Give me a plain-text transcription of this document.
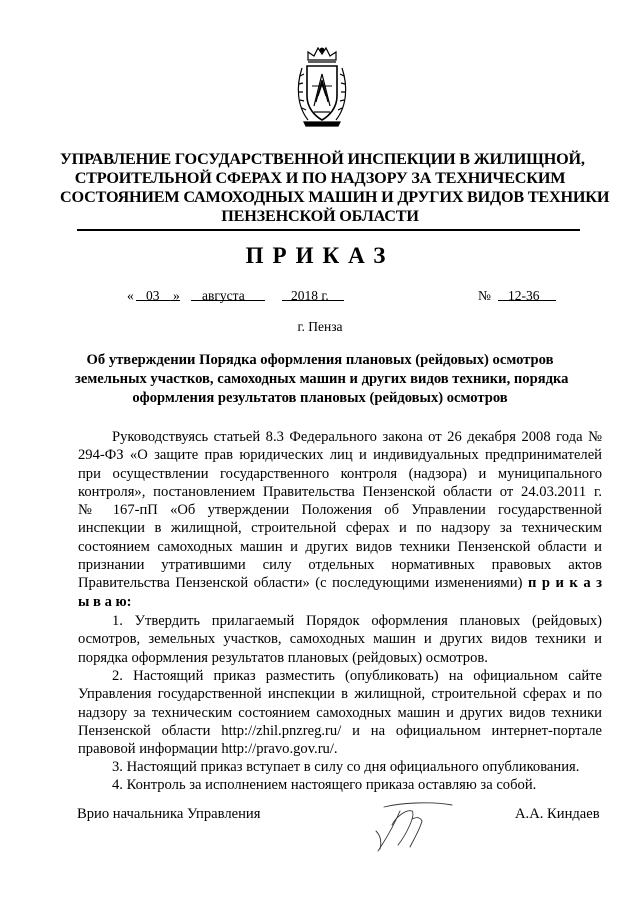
УПРАВЛЕНИЕ ГОСУДАРСТВЕННОЙ ИНСПЕКЦИИ В ЖИЛИЩНОЙ,
СТРОИТЕЛЬНОЙ СФЕРАХ И ПО НАДЗОРУ ЗА ТЕХНИЧЕСКИМ
СОСТОЯНИЕМ САМОХОДНЫХ МАШИН И ДРУГИХ ВИДОВ ТЕХНИКИ
ПЕНЗЕНСКОЙ ОБЛАСТИ
ПРИКАЗ
« 03 » августа	2018 г.	№ 12-36
г. Пенза
Об утверждении Порядка оформления плановых (рейдовых) осмотров
земельных участков, самоходных машин и других видов техники, порядка
оформления результатов плановых (рейдовых) осмотров
Руководствуясь статьей 8.3 Федерального закона от 26 декабря 2008 года №
294-ФЗ «О защите прав юридических лиц и индивидуальных предпринимателей
при осуществлении государственного контроля (надзора) и муниципального
контроля», постановлением Правительства Пензенской области от 24.03.2011 г.
№ 167-пП «Об утверждении Положения об Управлении государственной
инспекции в жилищной, строительной сферах и по надзору за техническим
состоянием самоходных машин и других видов техники Пензенской области и
признании утратившими силу отдельных нормативных правовых актов
Правительства Пензенской области» (с последующими изменениями) п р и к а з
ы в а ю:
1. Утвердить прилагаемый Порядок оформления плановых (рейдовых)
осмотров, земельных участков, самоходных машин и других видов техники и
порядка оформления результатов плановых (рейдовых) осмотров.
2. Настоящий приказ разместить (опубликовать) на официальном сайте
Управления государственной инспекции в жилищной, строительной сферах и по
надзору за техническим состоянием самоходных машин и других видов техники
Пензенской области http://zhil.pnzreg.ru/ и на официальном интернет-портале
правовой информации http://pravo.gov.ru/.
3. Настоящий приказ вступает в силу со дня официального опубликования.
4. Контроль за исполнением настоящего приказа оставляю за собой.
Врио начальника Управления	А.А. Киндаев
